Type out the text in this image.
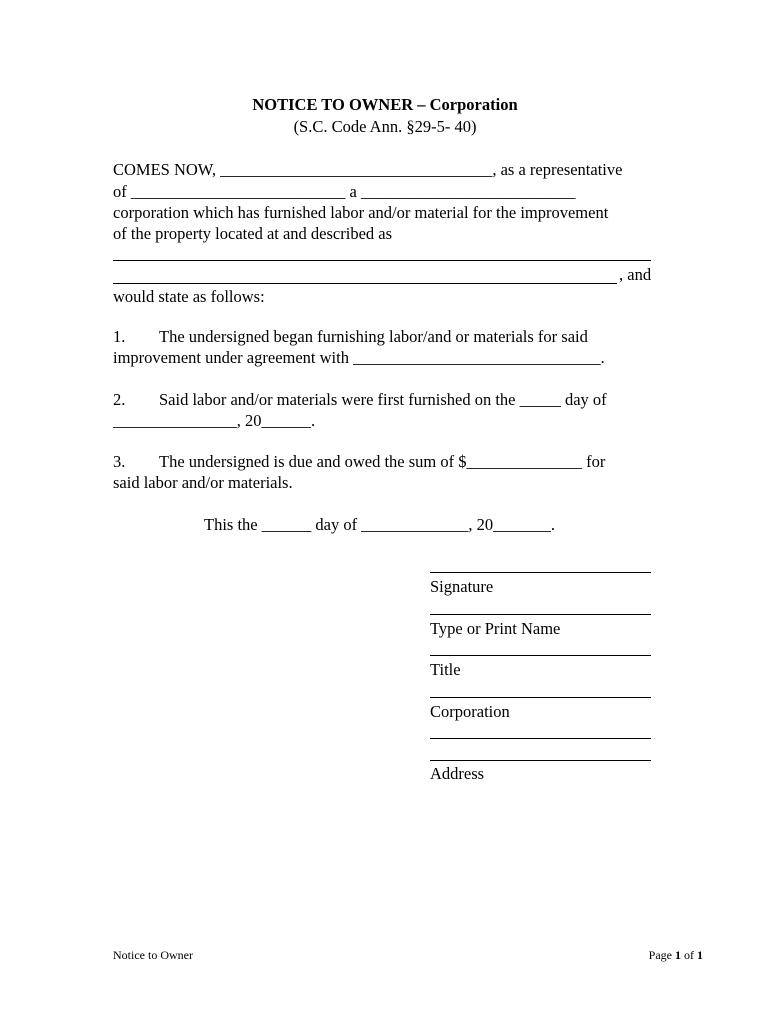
NOTICE TO OWNER – Corporation
(S.C. Code Ann. §29-5- 40)
COMES NOW, _________________________________, as a representative
of __________________________ a __________________________
corporation which has furnished labor and/or material for the improvement
of the property located at and described as
, and
would state as follows:
1. The undersigned began furnishing labor/and or materials for said
improvement under agreement with ______________________________.
2. Said labor and/or materials were first furnished on the _____ day of
_______________, 20______.
3. The undersigned is due and owed the sum of $______________ for
said labor and/or materials.
This the ______ day of _____________, 20_______.
Signature
Type or Print Name
Title
Corporation
Address
Notice to Owner	Page 1 of 1
